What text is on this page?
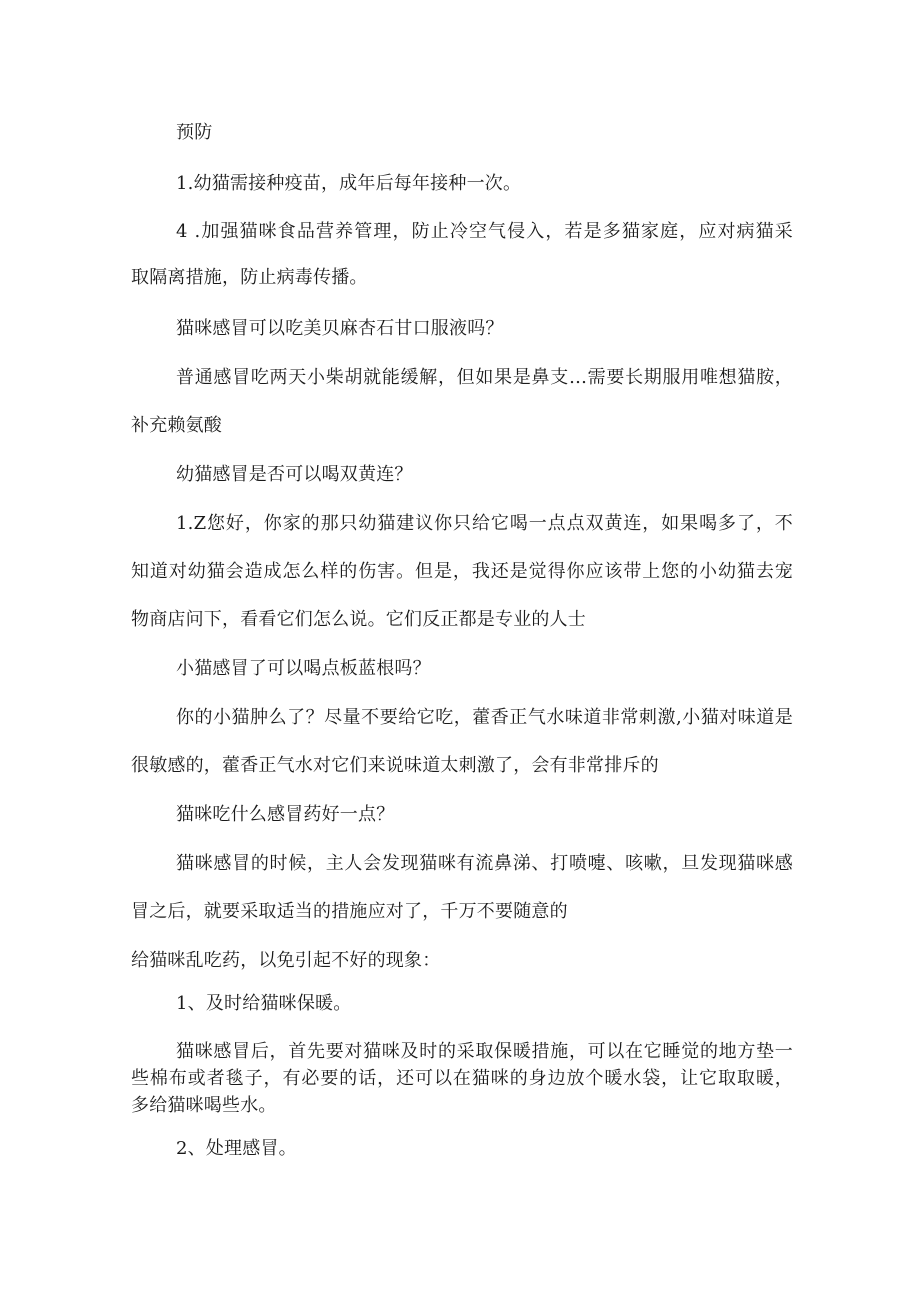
预防
1.幼猫需接种疫苗，成年后每年接种一次。
4 .加强猫咪食品营养管理，防止冷空气侵入，若是多猫家庭，应对病猫采
取隔离措施，防止病毒传播。
猫咪感冒可以吃美贝麻杏石甘口服液吗？
普通感冒吃两天小柴胡就能缓解，但如果是鼻支…需要长期服用唯想猫胺，
补充赖氨酸
幼猫感冒是否可以喝双黄连？
1.Z您好，你家的那只幼猫建议你只给它喝一点点双黄连，如果喝多了，不
知道对幼猫会造成怎么样的伤害。但是，我还是觉得你应该带上您的小幼猫去宠
物商店问下，看看它们怎么说。它们反正都是专业的人士
小猫感冒了可以喝点板蓝根吗？
你的小猫肿么了？尽量不要给它吃，藿香正气水味道非常刺激,小猫对味道是
很敏感的，藿香正气水对它们来说味道太刺激了，会有非常排斥的
猫咪吃什么感冒药好一点？
猫咪感冒的时候，主人会发现猫咪有流鼻涕、打喷嚏、咳嗽，旦发现猫咪感
冒之后，就要采取适当的措施应对了，千万不要随意的
给猫咪乱吃药，以免引起不好的现象：
1、及时给猫咪保暖。
猫咪感冒后，首先要对猫咪及时的采取保暖措施，可以在它睡觉的地方垫一
些棉布或者毯子，有必要的话，还可以在猫咪的身边放个暖水袋，让它取取暖，
多给猫咪喝些水。
2、处理感冒。
